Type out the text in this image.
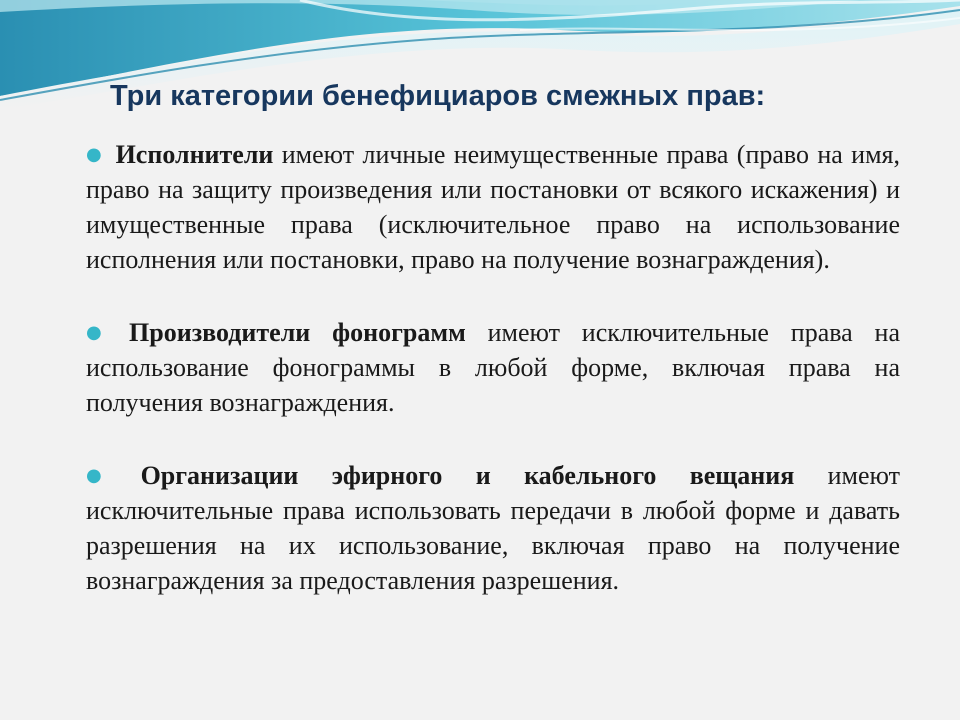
Три категории бенефициаров смежных прав:

● Исполнители имеют личные неимущественные права (право на имя, право на защиту произведения или постановки от всякого искажения) и имущественные права (исключительное право на использование исполнения или постановки, право на получение вознаграждения).

● Производители фонограмм имеют исключительные права на использование фонограммы в любой форме, включая права на получения вознаграждения.

● Организации эфирного и кабельного вещания имеют исключительные права использовать передачи в любой форме и давать разрешения на их использование, включая право на получение вознаграждения за предоставления разрешения.
